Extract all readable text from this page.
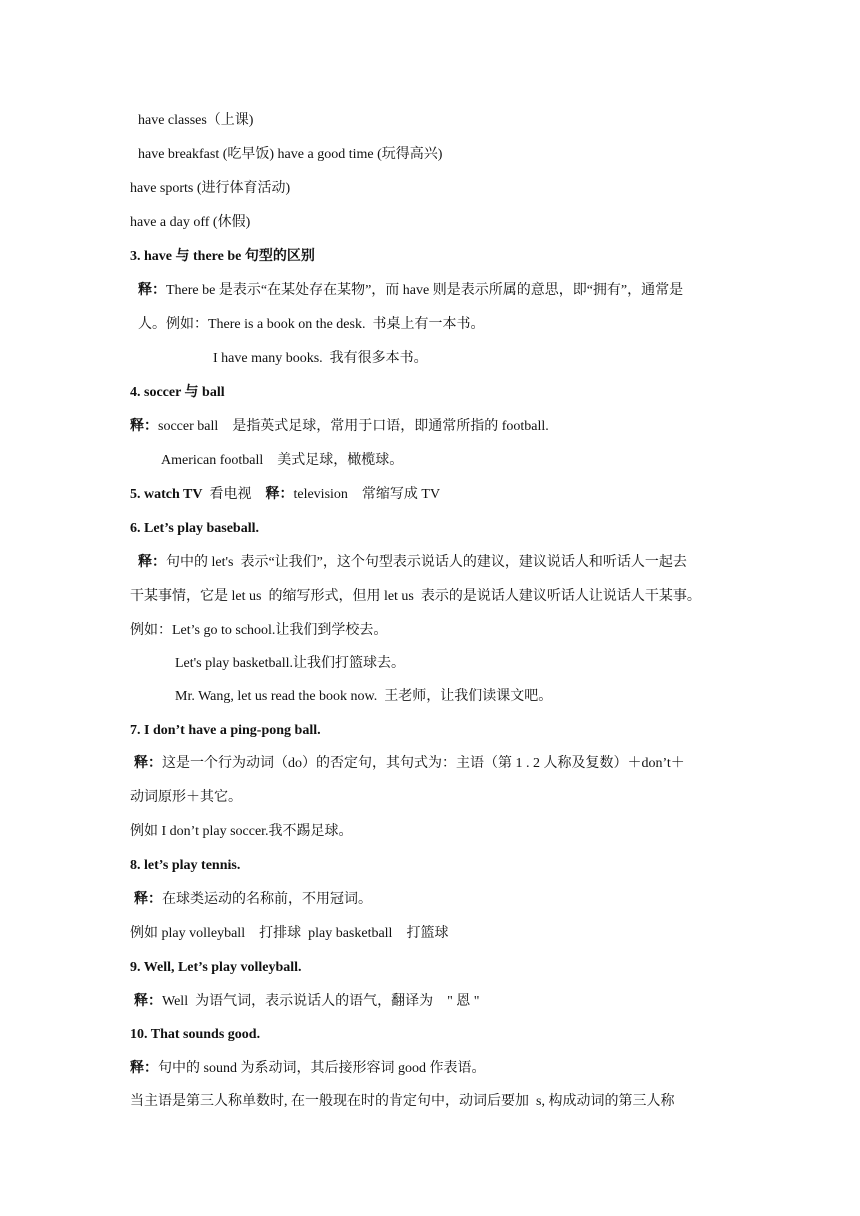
have classes（上课)
have breakfast (吃早饭) have a good time (玩得高兴)
have sports (进行体育活动)
have a day off (休假)
3. have 与 there be 句型的区别
释：There be 是表示“在某处存在某物”，而 have 则是表示所属的意思，即“拥有”，通常是
人。例如：There is a book on the desk.  书桌上有一本书。
I have many books.  我有很多本书。
4. soccer 与 ball
释：soccer ball    是指英式足球，常用于口语，即通常所指的 football.
American football    美式足球，橄榄球。
5. watch TV  看电视    释：television    常缩写成 TV
6. Let’s play baseball.
释：句中的 let's  表示“让我们”，这个句型表示说话人的建议，建议说话人和听话人一起去
干某事情，它是 let us  的缩写形式，但用 let us  表示的是说话人建议听话人让说话人干某事。
例如：Let’s go to school.让我们到学校去。
Let's play basketball.让我们打篮球去。
Mr. Wang, let us read the book now.  王老师，让我们读课文吧。
7. I don’t have a ping-pong ball.
释：这是一个行为动词（do）的否定句，其句式为：主语（第 1 . 2 人称及复数）＋don’t＋
动词原形＋其它。
例如 I don’t play soccer.我不踢足球。
8. let’s play tennis.
释：在球类运动的名称前，不用冠词。
例如 play volleyball    打排球  play basketball    打篮球
9. Well, Let’s play volleyball.
释：Well  为语气词，表示说话人的语气，翻译为    " 恩 "
10. That sounds good.
释：句中的 sound 为系动词，其后接形容词 good 作表语。
当主语是第三人称单数时, 在一般现在时的肯定句中，动词后要加  s, 构成动词的第三人称
